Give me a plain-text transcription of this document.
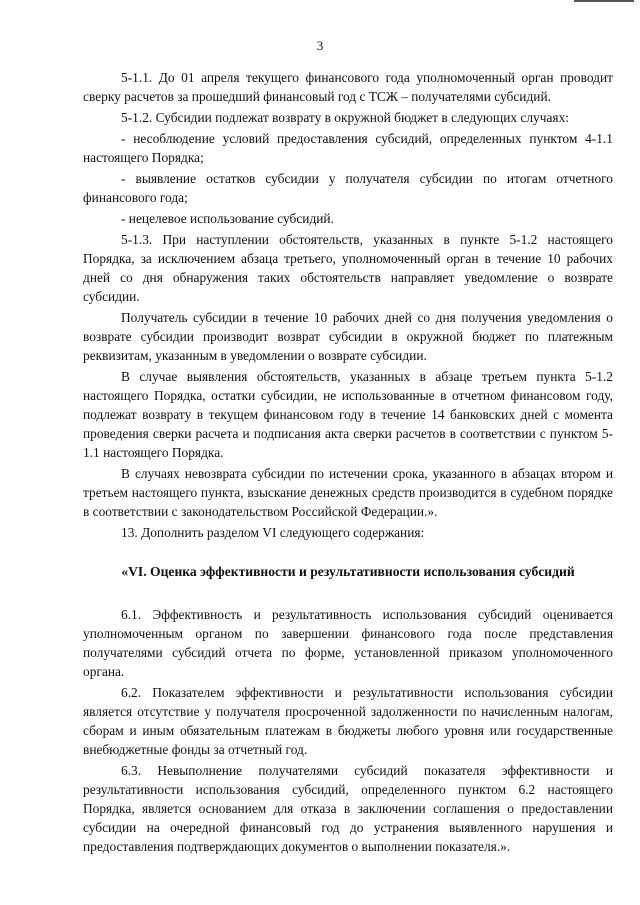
3

5-1.1. До 01 апреля текущего финансового года уполномоченный орган проводит сверку расчетов за прошедший финансовый год с ТСЖ – получателями субсидий.

5-1.2. Субсидии подлежат возврату в окружной бюджет в следующих случаях:

- несоблюдение условий предоставления субсидий, определенных пунктом 4-1.1 настоящего Порядка;

- выявление остатков субсидии у получателя субсидии по итогам отчетного финансового года;

- нецелевое использование субсидий.

5-1.3. При наступлении обстоятельств, указанных в пункте 5-1.2 настоящего Порядка, за исключением абзаца третьего, уполномоченный орган в течение 10 рабочих дней со дня обнаружения таких обстоятельств направляет уведомление о возврате субсидии.

Получатель субсидии в течение 10 рабочих дней со дня получения уведомления о возврате субсидии производит возврат субсидии в окружной бюджет по платежным реквизитам, указанным в уведомлении о возврате субсидии.

В случае выявления обстоятельств, указанных в абзаце третьем пункта 5-1.2 настоящего Порядка, остатки субсидии, не использованные в отчетном финансовом году, подлежат возврату в текущем финансовом году в течение 14 банковских дней с момента проведения сверки расчета и подписания акта сверки расчетов в соответствии с пунктом 5-1.1 настоящего Порядка.

В случаях невозврата субсидии по истечении срока, указанного в абзацах втором и третьем настоящего пункта, взыскание денежных средств производится в судебном порядке в соответствии с законодательством Российской Федерации.».

13. Дополнить разделом VI следующего содержания:

«VI. Оценка эффективности и результативности использования субсидий

6.1. Эффективность и результативность использования субсидий оценивается уполномоченным органом по завершении финансового года после представления получателями субсидий отчета по форме, установленной приказом уполномоченного органа.

6.2. Показателем эффективности и результативности использования субсидии является отсутствие у получателя просроченной задолженности по начисленным налогам, сборам и иным обязательным платежам в бюджеты любого уровня или государственные внебюджетные фонды за отчетный год.

6.3. Невыполнение получателями субсидий показателя эффективности и результативности использования субсидий, определенного пунктом 6.2 настоящего Порядка, является основанием для отказа в заключении соглашения о предоставлении субсидии на очередной финансовый год до устранения выявленного нарушения и предоставления подтверждающих документов о выполнении показателя.».
